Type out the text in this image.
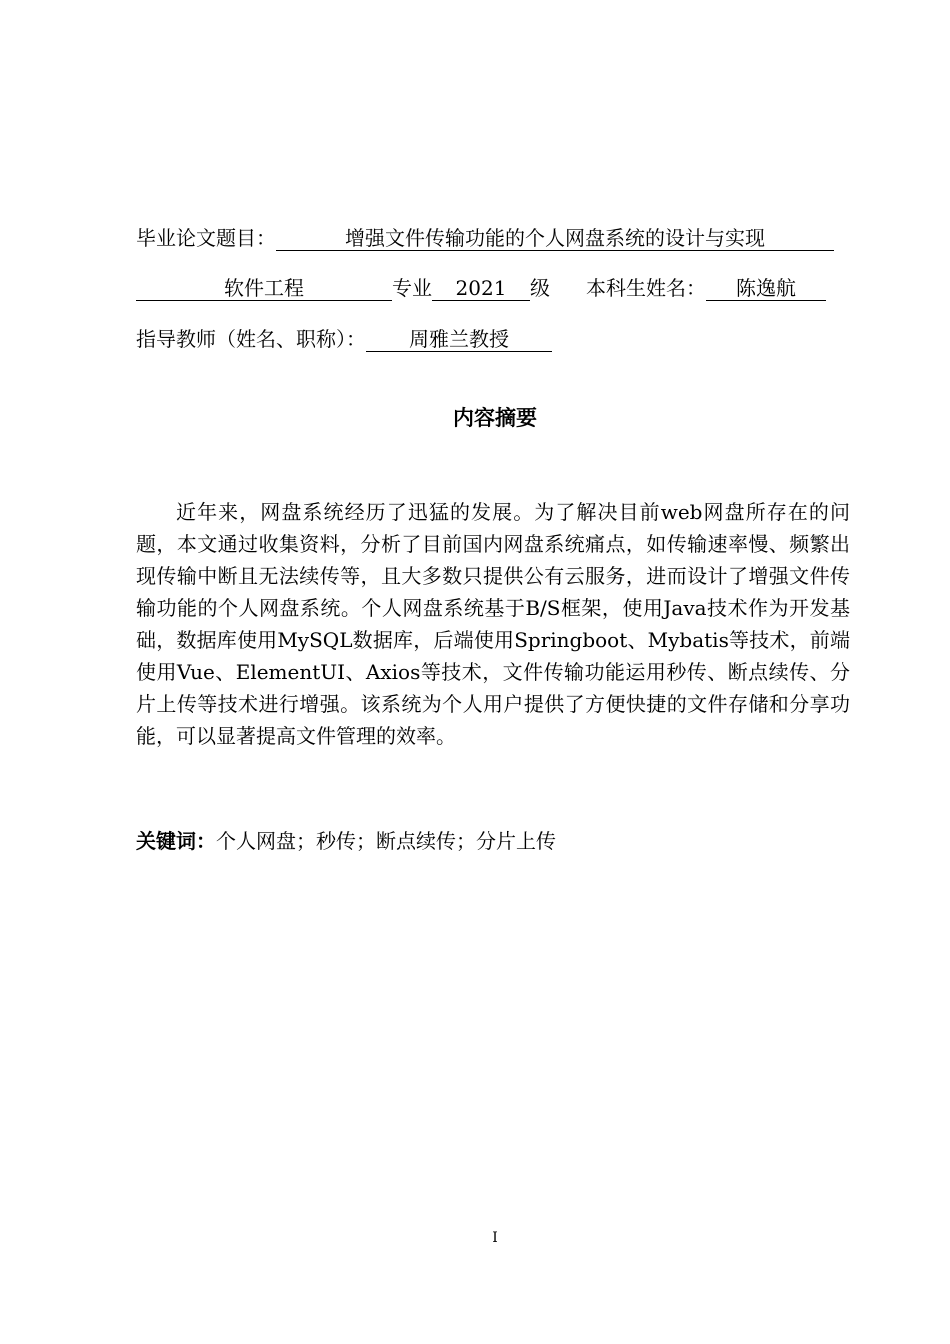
毕业论文题目：	增强文件传输功能的个人网盘系统的设计与实现
软件工程	专业 2021 级 本科生姓名： 陈逸航
指导教师（姓名、职称）： 周雅兰教授
内容摘要

近年来，网盘系统经历了迅猛的发展。为了解决目前web网盘所存在的问题，本文通过收集资料，分析了目前国内网盘系统痛点，如传输速率慢、频繁出现传输中断且无法续传等，且大多数只提供公有云服务，进而设计了增强文件传输功能的个人网盘系统。个人网盘系统基于B/S框架，使用Java技术作为开发基础，数据库使用MySQL数据库，后端使用Springboot、Mybatis等技术，前端使用Vue、ElementUI、Axios等技术，文件传输功能运用秒传、断点续传、分片上传等技术进行增强。该系统为个人用户提供了方便快捷的文件存储和分享功能，可以显著提高文件管理的效率。

关键词：个人网盘；秒传；断点续传；分片上传
I
